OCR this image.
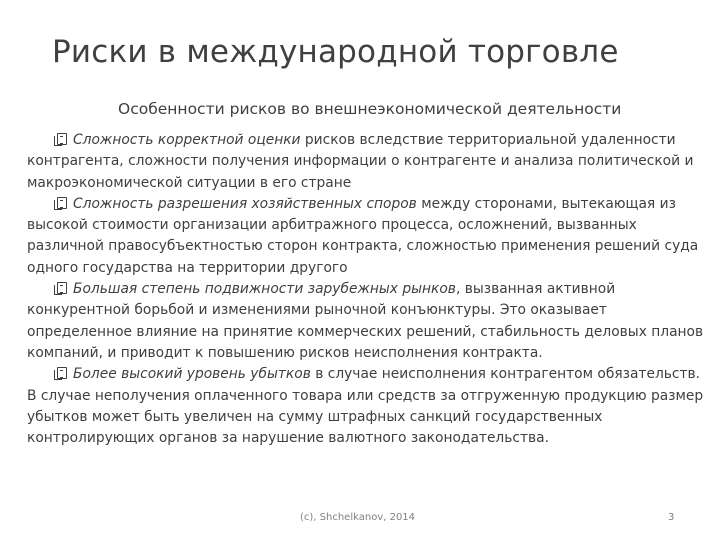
Риски в международной торговле
Особенности рисков во внешнеэкономической деятельности

Сложность корректной оценки рисков вследствие территориальной удаленности контрагента, сложности получения информации о контрагенте и анализа политической и макроэкономической ситуации в его стране

Сложность разрешения хозяйственных споров между сторонами, вытекающая из высокой стоимости организации арбитражного процесса, осложнений, вызванных различной правосубъектностью сторон контракта, сложностью применения решений суда одного государства на территории другого

Большая степень подвижности зарубежных рынков, вызванная активной конкурентной борьбой и изменениями рыночной конъюнктуры. Это оказывает определенное влияние на принятие коммерческих решений, стабильность деловых планов компаний, и приводит к повышению рисков неисполнения контракта.

Более высокий уровень убытков в случае неисполнения контрагентом обязательств. В случае неполучения оплаченного товара или средств за отгруженную продукцию размер убытков может быть увеличен на сумму штрафных санкций государственных контролирующих органов за нарушение валютного законодательства.

(c), Shchelkanov, 2014	3
